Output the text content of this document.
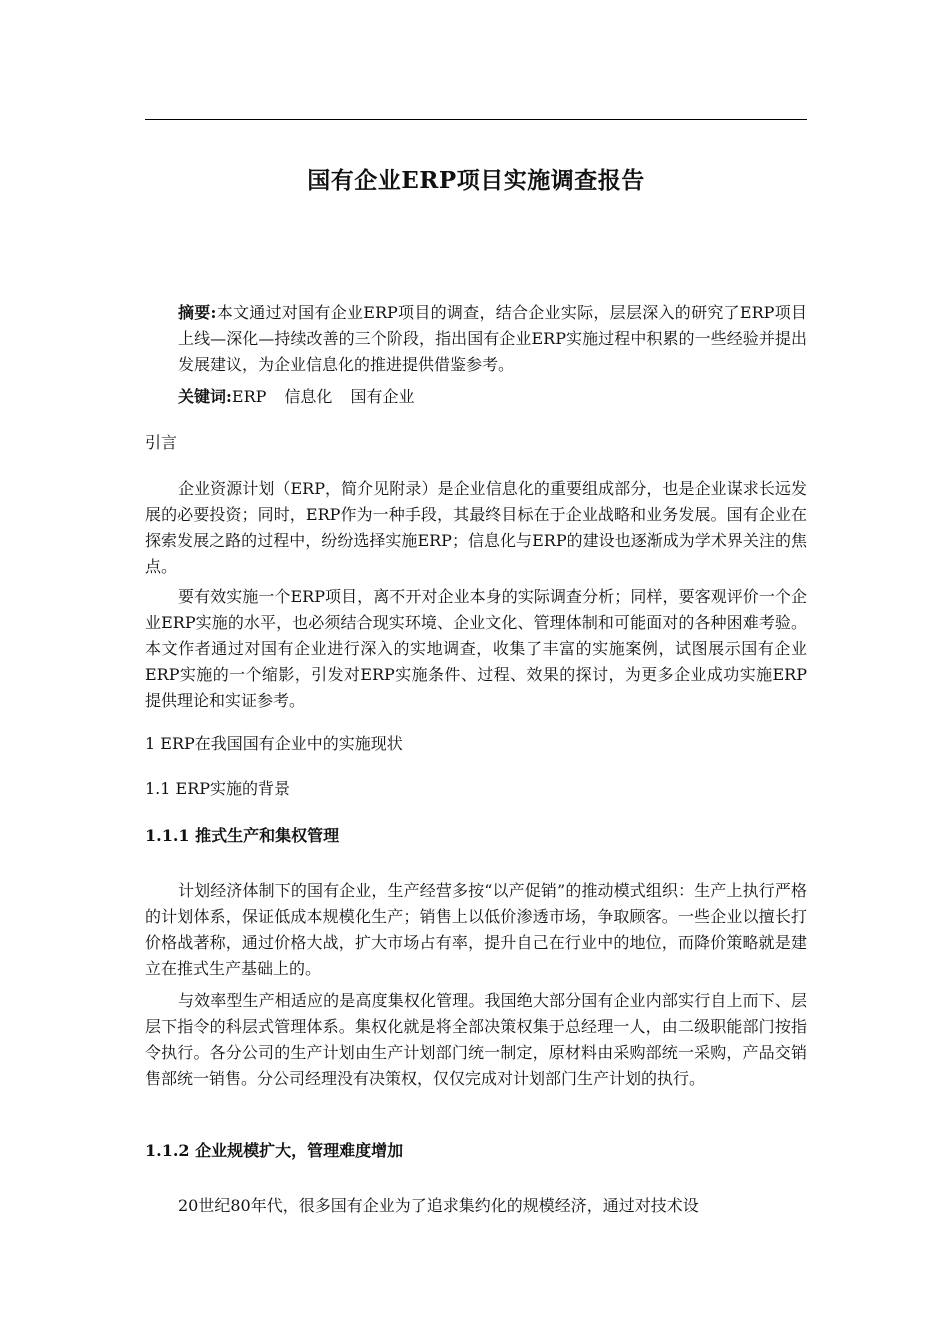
国有企业ERP项目实施调查报告

摘要:本文通过对国有企业ERP项目的调查，结合企业实际，层层深入的研究了ERP项目上线—深化—持续改善的三个阶段，指出国有企业ERP实施过程中积累的一些经验并提出发展建议，为企业信息化的推进提供借鉴参考。

关键词:ERP 信息化 国有企业

引言

企业资源计划（ERP，简介见附录）是企业信息化的重要组成部分，也是企业谋求长远发展的必要投资；同时，ERP作为一种手段，其最终目标在于企业战略和业务发展。国有企业在探索发展之路的过程中，纷纷选择实施ERP；信息化与ERP的建设也逐渐成为学术界关注的焦点。

要有效实施一个ERP项目，离不开对企业本身的实际调查分析；同样，要客观评价一个企业ERP实施的水平，也必须结合现实环境、企业文化、管理体制和可能面对的各种困难考验。本文作者通过对国有企业进行深入的实地调查，收集了丰富的实施案例，试图展示国有企业ERP实施的一个缩影，引发对ERP实施条件、过程、效果的探讨，为更多企业成功实施ERP提供理论和实证参考。

1 ERP在我国国有企业中的实施现状

1.1 ERP实施的背景

1.1.1 推式生产和集权管理

计划经济体制下的国有企业，生产经营多按“以产促销”的推动模式组织：生产上执行严格的计划体系，保证低成本规模化生产；销售上以低价渗透市场，争取顾客。一些企业以擅长打价格战著称，通过价格大战，扩大市场占有率，提升自己在行业中的地位，而降价策略就是建立在推式生产基础上的。

与效率型生产相适应的是高度集权化管理。我国绝大部分国有企业内部实行自上而下、层层下指令的科层式管理体系。集权化就是将全部决策权集于总经理一人，由二级职能部门按指令执行。各分公司的生产计划由生产计划部门统一制定，原材料由采购部统一采购，产品交销售部统一销售。分公司经理没有决策权，仅仅完成对计划部门生产计划的执行。

1.1.2 企业规模扩大，管理难度增加

20世纪80年代，很多国有企业为了追求集约化的规模经济，通过对技术设
